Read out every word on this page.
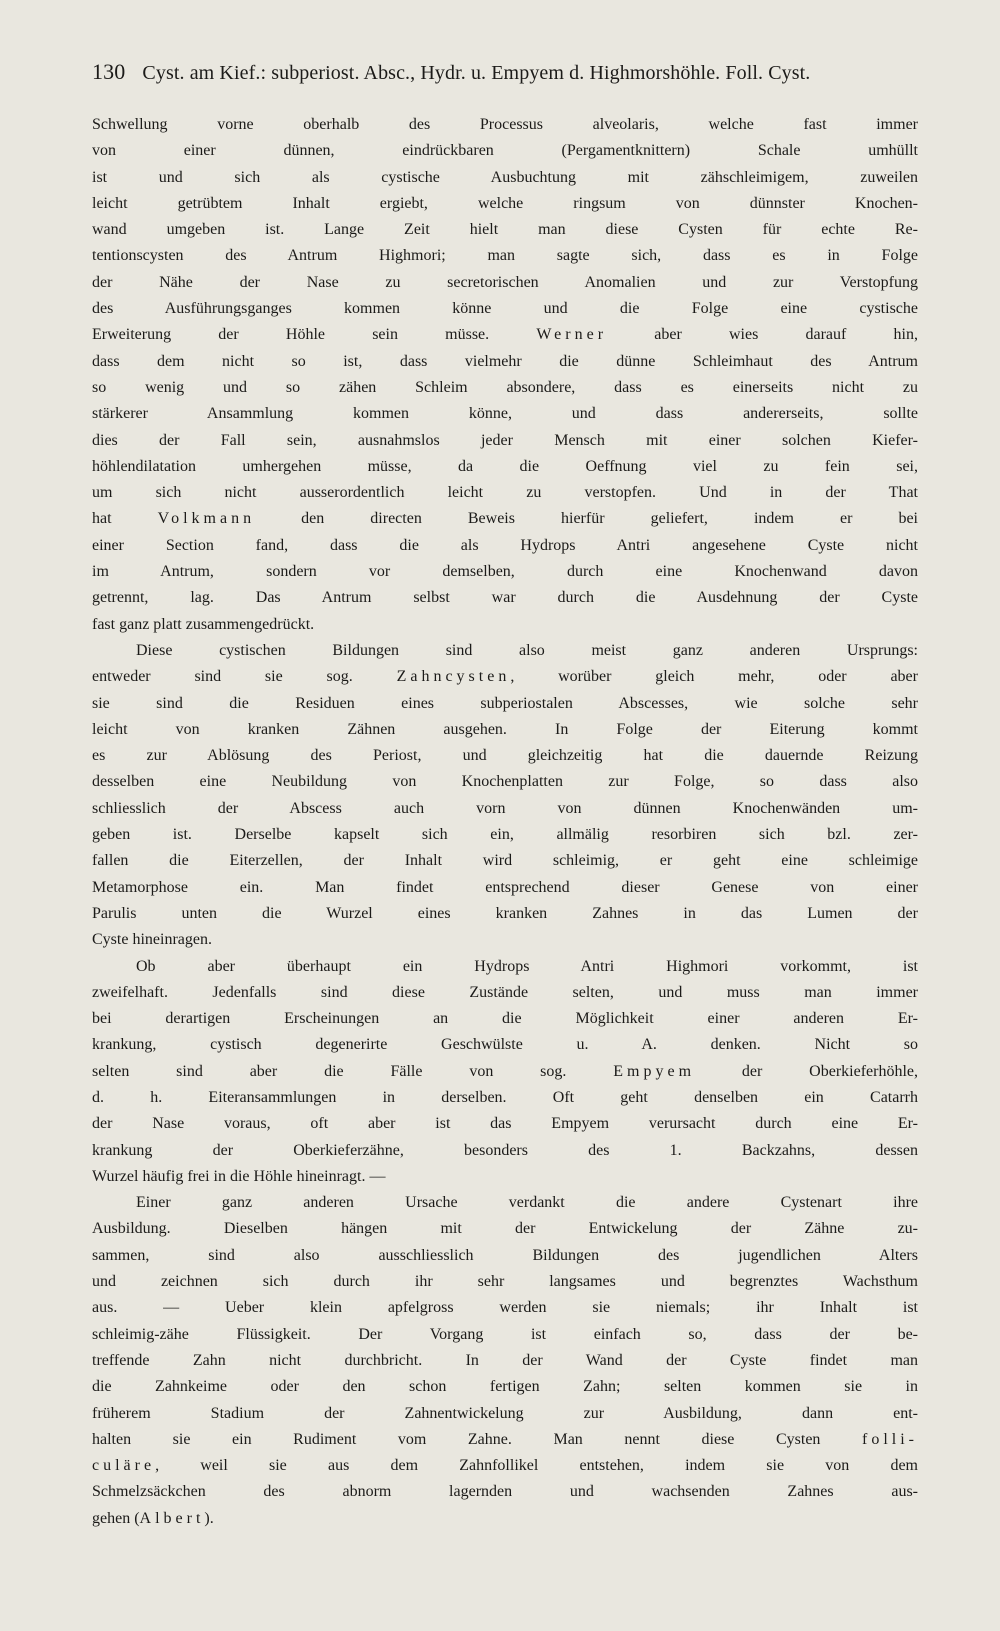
130 Cyst. am Kief.: subperiost. Absc., Hydr. u. Empyem d. Highmorshöhle. Foll. Cyst.
Schwellung vorne oberhalb des Processus alveolaris, welche fast immer
von einer dünnen, eindrückbaren (Pergamentknittern) Schale umhüllt
ist und sich als cystische Ausbuchtung mit zähschleimigem, zuweilen
leicht getrübtem Inhalt ergiebt, welche ringsum von dünnster Knochen-
wand umgeben ist. Lange Zeit hielt man diese Cysten für echte Re-
tentionscysten des Antrum Highmori; man sagte sich, dass es in Folge
der Nähe der Nase zu secretorischen Anomalien und zur Verstopfung
des Ausführungsganges kommen könne und die Folge eine cystische
Erweiterung der Höhle sein müsse. Werner aber wies darauf hin,
dass dem nicht so ist, dass vielmehr die dünne Schleimhaut des Antrum
so wenig und so zähen Schleim absondere, dass es einerseits nicht zu
stärkerer Ansammlung kommen könne, und dass andererseits, sollte
dies der Fall sein, ausnahmslos jeder Mensch mit einer solchen Kiefer-
höhlendilatation umhergehen müsse, da die Oeffnung viel zu fein sei,
um sich nicht ausserordentlich leicht zu verstopfen. Und in der That
hat Volkmann den directen Beweis hierfür geliefert, indem er bei
einer Section fand, dass die als Hydrops Antri angesehene Cyste nicht
im Antrum, sondern vor demselben, durch eine Knochenwand davon
getrennt, lag. Das Antrum selbst war durch die Ausdehnung der Cyste
fast ganz platt zusammengedrückt.
Diese cystischen Bildungen sind also meist ganz anderen Ursprungs:
entweder sind sie sog. Zahncysten, worüber gleich mehr, oder aber
sie sind die Residuen eines subperiostalen Abscesses, wie solche sehr
leicht von kranken Zähnen ausgehen. In Folge der Eiterung kommt
es zur Ablösung des Periost, und gleichzeitig hat die dauernde Reizung
desselben eine Neubildung von Knochenplatten zur Folge, so dass also
schliesslich der Abscess auch vorn von dünnen Knochenwänden um-
geben ist. Derselbe kapselt sich ein, allmälig resorbiren sich bzl. zer-
fallen die Eiterzellen, der Inhalt wird schleimig, er geht eine schleimige
Metamorphose ein. Man findet entsprechend dieser Genese von einer
Parulis unten die Wurzel eines kranken Zahnes in das Lumen der
Cyste hineinragen.
Ob aber überhaupt ein Hydrops Antri Highmori vorkommt, ist
zweifelhaft. Jedenfalls sind diese Zustände selten, und muss man immer
bei derartigen Erscheinungen an die Möglichkeit einer anderen Er-
krankung, cystisch degenerirte Geschwülste u. A. denken. Nicht so
selten sind aber die Fälle von sog. Empyem der Oberkieferhöhle,
d. h. Eiteransammlungen in derselben. Oft geht denselben ein Catarrh
der Nase voraus, oft aber ist das Empyem verursacht durch eine Er-
krankung der Oberkieferzähne, besonders des 1. Backzahns, dessen
Wurzel häufig frei in die Höhle hineinragt. —
Einer ganz anderen Ursache verdankt die andere Cystenart ihre
Ausbildung. Dieselben hängen mit der Entwickelung der Zähne zu-
sammen, sind also ausschliesslich Bildungen des jugendlichen Alters
und zeichnen sich durch ihr sehr langsames und begrenztes Wachsthum
aus. — Ueber klein apfelgross werden sie niemals; ihr Inhalt ist
schleimig-zähe Flüssigkeit. Der Vorgang ist einfach so, dass der be-
treffende Zahn nicht durchbricht. In der Wand der Cyste findet man
die Zahnkeime oder den schon fertigen Zahn; selten kommen sie in
früherem Stadium der Zahnentwickelung zur Ausbildung, dann ent-
halten sie ein Rudiment vom Zahne. Man nennt diese Cysten folli-
culäre, weil sie aus dem Zahnfollikel entstehen, indem sie von dem
Schmelzsäckchen des abnorm lagernden und wachsenden Zahnes aus-
gehen (Albert).
